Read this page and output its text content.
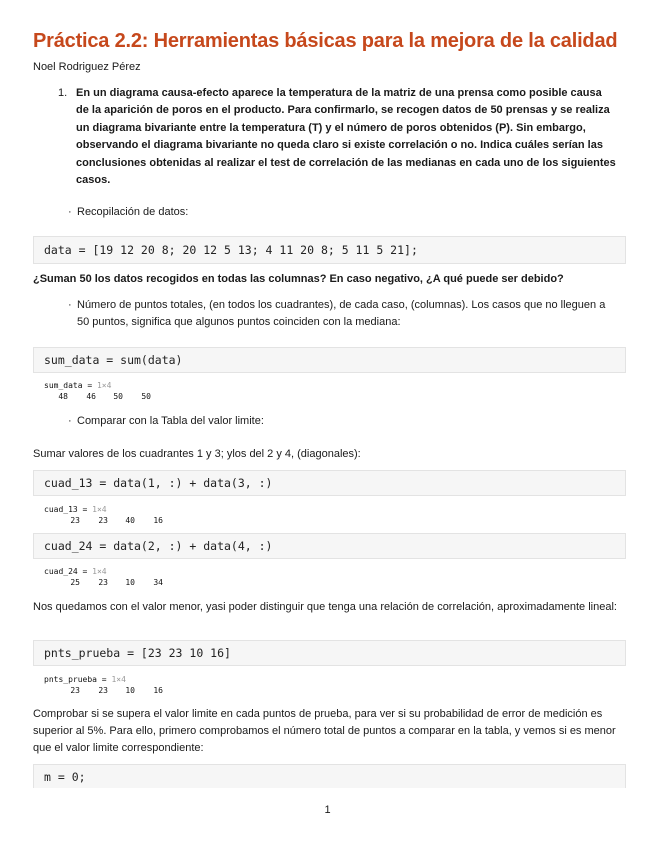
Práctica 2.2: Herramientas básicas para la mejora de la calidad
Noel Rodriguez Pérez
1. En un diagrama causa-efecto aparece la temperatura de la matriz de una prensa como posible causa de la aparición de poros en el producto. Para confirmarlo, se recogen datos de 50 prensas y se realiza un diagrama bivariante entre la temperatura (T) y el número de poros obtenidos (P). Sin embargo, observando el diagrama bivariante no queda claro si existe correlación o no. Indica cuáles serían las conclusiones obtenidas al realizar el test de correlación de las medianas en cada uno de los siguientes casos.
· Recopilación de datos:
data = [19 12 20 8; 20 12 5 13; 4 11 20 8; 5 11 5 21];
¿Suman 50 los datos recogidos en todas las columnas? En caso negativo, ¿A qué puede ser debido?
· Número de puntos totales, (en todos los cuadrantes), de cada caso, (columnas). Los casos que no lleguen a 50 puntos, significa que algunos puntos coinciden con la mediana:
sum_data = sum(data)
sum_data = 1×4
48	46	50	50
· Comparar con la Tabla del valor limite:
Sumar valores de los cuadrantes 1 y 3; ylos del 2 y 4, (diagonales):
cuad_13 = data(1, :) + data(3, :)
cuad_13 = 1×4
23	23	40	16
cuad_24 = data(2, :) + data(4, :)
cuad_24 = 1×4
25	23	10	34
Nos quedamos con el valor menor, yasi poder distinguir que tenga una relación de correlación, aproximadamente lineal:
pnts_prueba = [23 23 10 16]
pnts_prueba = 1×4
23	23	10	16
Comprobar si se supera el valor limite en cada puntos de prueba, para ver si su probabilidad de error de medición es superior al 5%. Para ello, primero comprobamos el número total de puntos a comparar en la tabla, y vemos si es menor que el valor limite correspondiente:
m = 0;
1
